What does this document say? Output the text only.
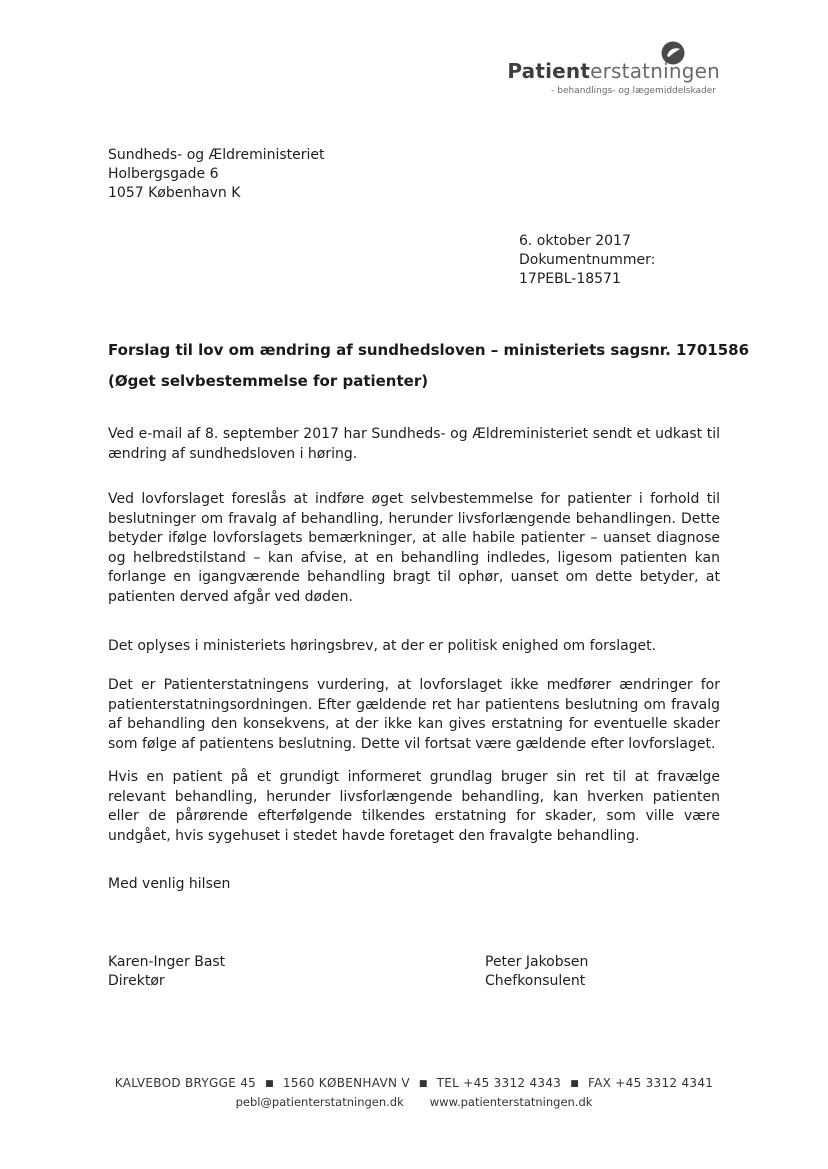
Patienterstatningen
- behandlings- og lægemiddelskader
Sundheds- og Ældreministeriet
Holbergsgade 6
1057 København K
6. oktober 2017
Dokumentnummer:
17PEBL-18571
Forslag til lov om ændring af sundhedsloven – ministeriets sagsnr. 1701586
(Øget selvbestemmelse for patienter)

Ved e-mail af 8. september 2017 har Sundheds- og Ældreministeriet sendt et udkast til ændring af sundhedsloven i høring.

Ved lovforslaget foreslås at indføre øget selvbestemmelse for patienter i forhold til beslutninger om fravalg af behandling, herunder livsforlængende behandlingen. Dette betyder ifølge lovforslagets bemærkninger, at alle habile patienter – uanset diagnose og helbredstilstand – kan afvise, at en behandling indledes, ligesom patienten kan forlange en igangværende behandling bragt til ophør, uanset om dette betyder, at patienten derved afgår ved døden.

Det oplyses i ministeriets høringsbrev, at der er politisk enighed om forslaget.

Det er Patienterstatningens vurdering, at lovforslaget ikke medfører ændringer for patienterstatningsordningen. Efter gældende ret har patientens beslutning om fravalg af behandling den konsekvens, at der ikke kan gives erstatning for eventuelle skader som følge af patientens beslutning. Dette vil fortsat være gældende efter lovforslaget.

Hvis en patient på et grundigt informeret grundlag bruger sin ret til at fravælge relevant behandling, herunder livsforlængende behandling, kan hverken patienten eller de pårørende efterfølgende tilkendes erstatning for skader, som ville være undgået, hvis sygehuset i stedet havde foretaget den fravalgte behandling.

Med venlig hilsen
Karen-Inger Bast
Direktør
Peter Jakobsen
Chefkonsulent
KALVEBOD BRYGGE 45 ■ 1560 KØBENHAVN V ■ TEL +45 3312 4343 ■ FAX +45 3312 4341
pebl@patienterstatningen.dk www.patienterstatningen.dk
